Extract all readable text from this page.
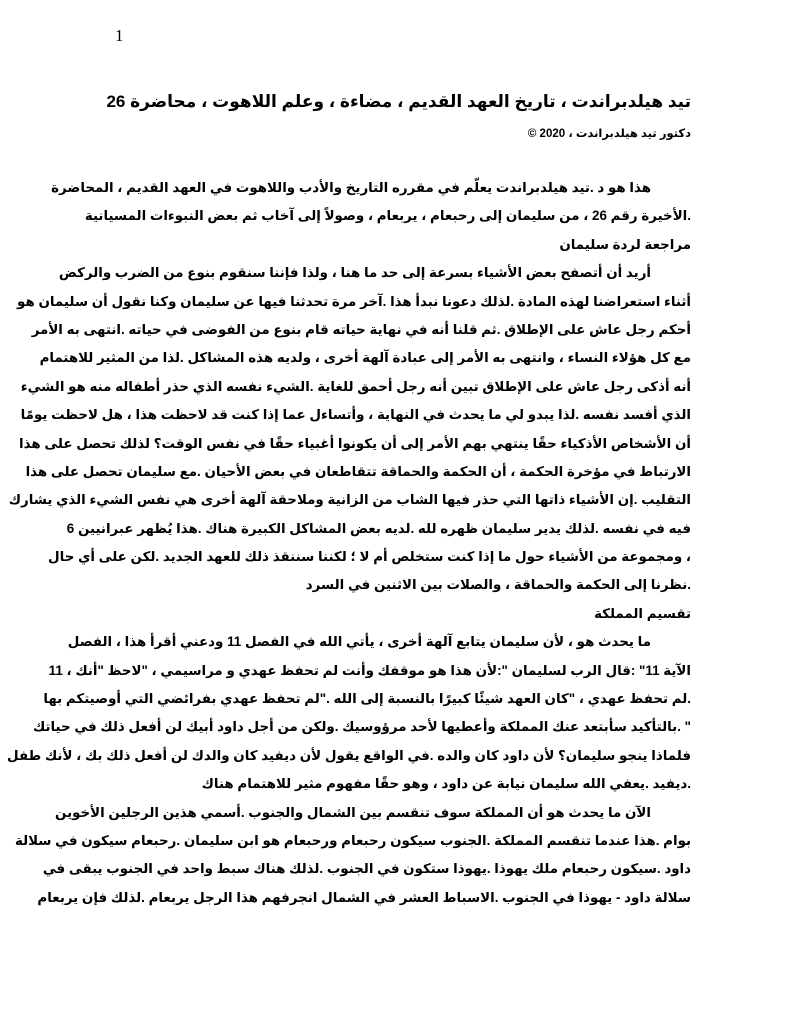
1
تيد هيلدبراندت ، تاريخ العهد القديم ، مضاءة ، وعلم اللاهوت ، محاضرة 26
دكتور تيد هيلدبراندت ، 2020 ©
هذا هو د .تيد هيلدبراندت يعلّم في مقرره التاريخ والأدب واللاهوت في العهد القديم ، المحاضرة
.الأخيرة رقم 26 ، من سليمان إلى رحبعام ، يربعام ، وصولاً إلى آخاب ثم بعض النبوءات المسيانية
مراجعة لردة سليمان
أريد أن أتصفح بعض الأشياء بسرعة إلى حد ما هنا ، ولذا فإننا سنقوم بنوع من الضرب والركض
أثناء استعراضنا لهذه المادة .لذلك دعونا نبدأ هذا .آخر مرة تحدثنا فيها عن سليمان وكنا نقول أن سليمان هو
أحكم رجل عاش على الإطلاق .ثم قلنا أنه في نهاية حياته قام بنوع من الفوضى في حياته .انتهى به الأمر
مع كل هؤلاء النساء ، وانتهى به الأمر إلى عبادة آلهة أخرى ، ولديه هذه المشاكل .لذا من المثير للاهتمام
أنه أذكى رجل عاش على الإطلاق تبين أنه رجل أحمق للغاية .الشيء نفسه الذي حذر أطفاله منه هو الشيء
الذي أفسد نفسه .لذا يبدو لي ما يحدث في النهاية ، وأتساءل عما إذا كنت قد لاحظت هذا ، هل لاحظت يومًا
أن الأشخاص الأذكياء حقًا ينتهي بهم الأمر إلى أن يكونوا أغبياء حقًا في نفس الوقت؟ لذلك تحصل على هذا
الارتباط في مؤخرة الحكمة ، أن الحكمة والحماقة تتقاطعان في بعض الأحيان .مع سليمان تحصل على هذا
التقليب .إن الأشياء ذاتها التي حذر فيها الشاب من الزانية وملاحقة آلهة أخرى هي نفس الشيء الذي يشارك
فيه في نفسه .لذلك يدير سليمان ظهره لله .لديه بعض المشاكل الكبيرة هناك .هذا يُظهر عبرانيين 6
، ومجموعة من الأشياء حول ما إذا كنت ستخلص أم لا ؛ لكننا سننقذ ذلك للعهد الجديد .لكن على أي حال
.نظرنا إلى الحكمة والحماقة ، والصلات بين الاثنين في السرد
تقسيم المملكة
ما يحدث هو ، لأن سليمان يتابع آلهة أخرى ، يأتي الله في الفصل 11 ودعني أقرأ هذا ، الفصل
الآية 11" :قال الرب لسليمان ":لأن هذا هو موقفك وأنت لم تحفظ عهدي و مراسيمي ، "لاحظ "أنك ، 11
.لم تحفظ عهدي ، "كان العهد شيئًا كبيرًا بالنسبة إلى الله ."لم تحفظ عهدي بفرائضي التي أوصيتكم بها
" .بالتأكيد سأبتعد عنك المملكة وأعطيها لأحد مرؤوسيك .ولكن من أجل داود أبيك لن أفعل ذلك في حياتك
فلماذا ينجو سليمان؟ لأن داود كان والده .في الواقع يقول لأن ديفيد كان والدك لن أفعل ذلك بك ، لأنك طفل
.ديفيد .يعفي الله سليمان نيابة عن داود ، وهو حقًا مفهوم مثير للاهتمام هناك
الآن ما يحدث هو أن المملكة سوف تنقسم بين الشمال والجنوب .أسمي هذين الرجلين الأخوين
بوام .هذا عندما تنقسم المملكة .الجنوب سيكون رحبعام ورحبعام هو ابن سليمان .رحبعام سيكون في سلالة
داود .سيكون رحبعام ملك يهوذا .يهوذا ستكون في الجنوب .لذلك هناك سبط واحد في الجنوب يبقى في
سلالة داود - يهوذا في الجنوب .الاسباط العشر في الشمال انجرفهم هذا الرجل يربعام .لذلك فإن يربعام
